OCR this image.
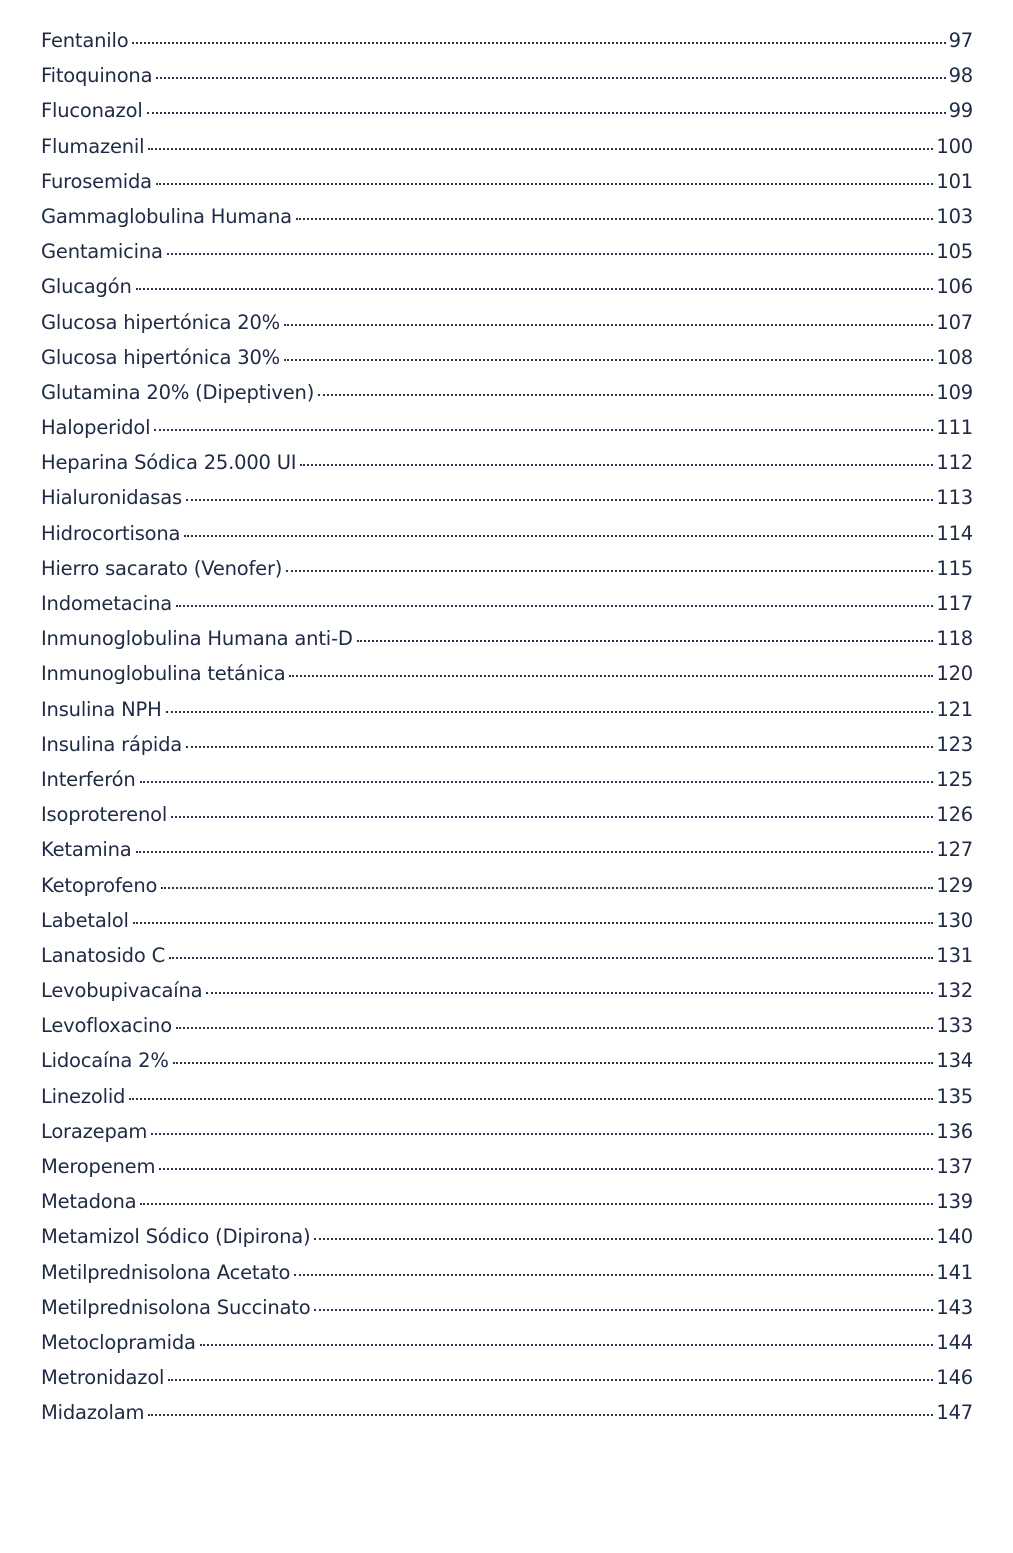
Fentanilo	97
Fitoquinona	98
Fluconazol	99
Flumazenil	100
Furosemida	101
Gammaglobulina Humana	103
Gentamicina	105
Glucagón	106
Glucosa hipertónica 20%	107
Glucosa hipertónica 30%	108
Glutamina 20% (Dipeptiven)	109
Haloperidol	111
Heparina Sódica 25.000 UI	112
Hialuronidasas	113
Hidrocortisona	114
Hierro sacarato (Venofer)	115
Indometacina	117
Inmunoglobulina Humana anti-D	118
Inmunoglobulina tetánica	120
Insulina NPH	121
Insulina rápida	123
Interferón	125
Isoproterenol	126
Ketamina	127
Ketoprofeno	129
Labetalol	130
Lanatosido C	131
Levobupivacaína	132
Levofloxacino	133
Lidocaína 2%	134
Linezolid	135
Lorazepam	136
Meropenem	137
Metadona	139
Metamizol Sódico (Dipirona)	140
Metilprednisolona Acetato	141
Metilprednisolona Succinato	143
Metoclopramida	144
Metronidazol	146
Midazolam	147
